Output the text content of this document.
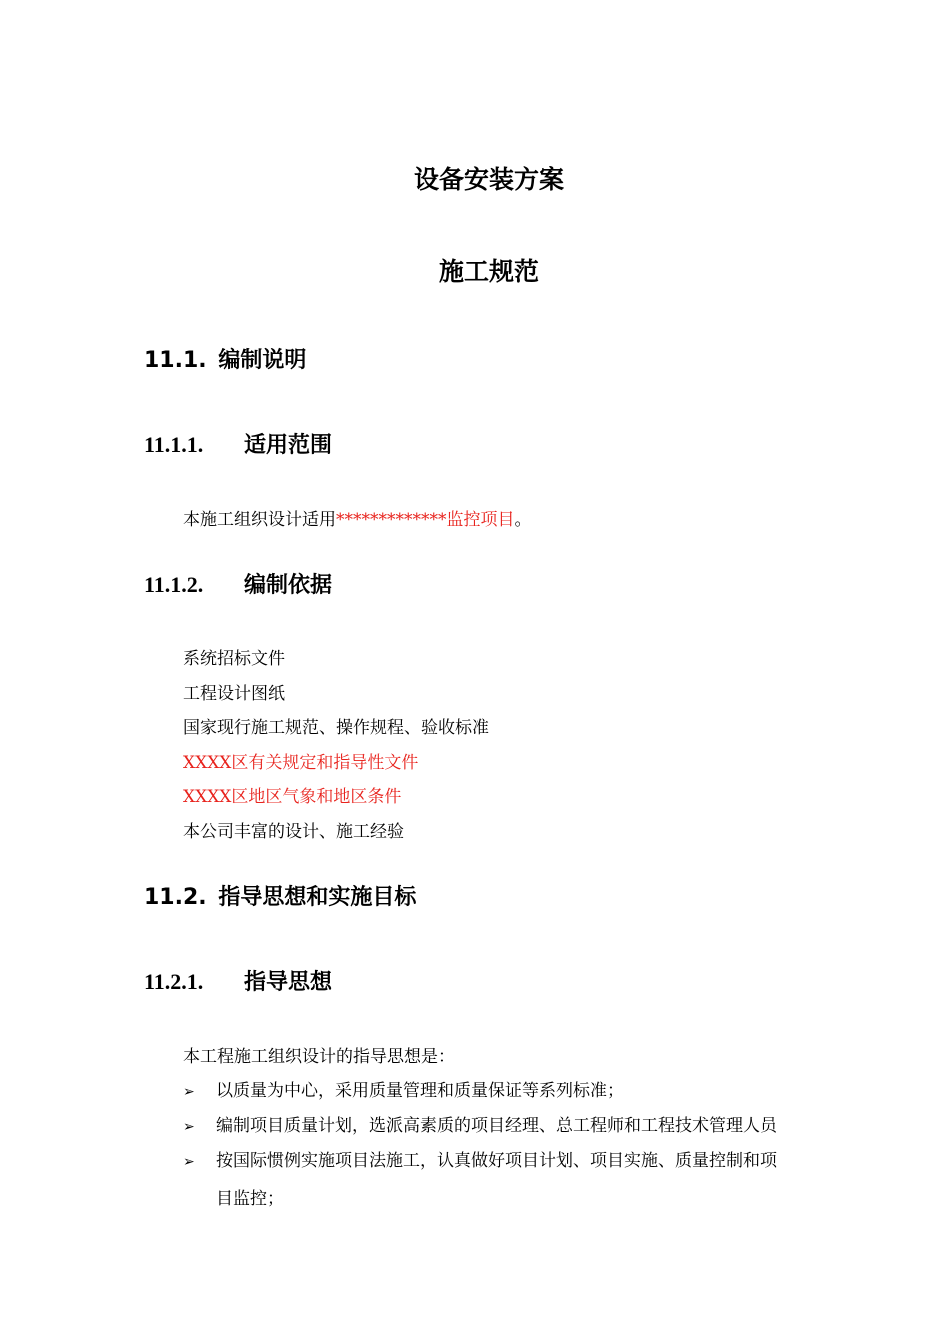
设备安装方案
施工规范
11.1. 编制说明
11.1.1. 适用范围
本施工组织设计适用*************监控项目。
11.1.2. 编制依据
系统招标文件
工程设计图纸
国家现行施工规范、操作规程、验收标准
XXXX区有关规定和指导性文件
XXXX区地区气象和地区条件
本公司丰富的设计、施工经验
11.2. 指导思想和实施目标
11.2.1. 指导思想
本工程施工组织设计的指导思想是：
➢ 以质量为中心，采用质量管理和质量保证等系列标准；
➢ 编制项目质量计划，选派高素质的项目经理、总工程师和工程技术管理人员
➢ 按国际惯例实施项目法施工，认真做好项目计划、项目实施、质量控制和项
目监控；
